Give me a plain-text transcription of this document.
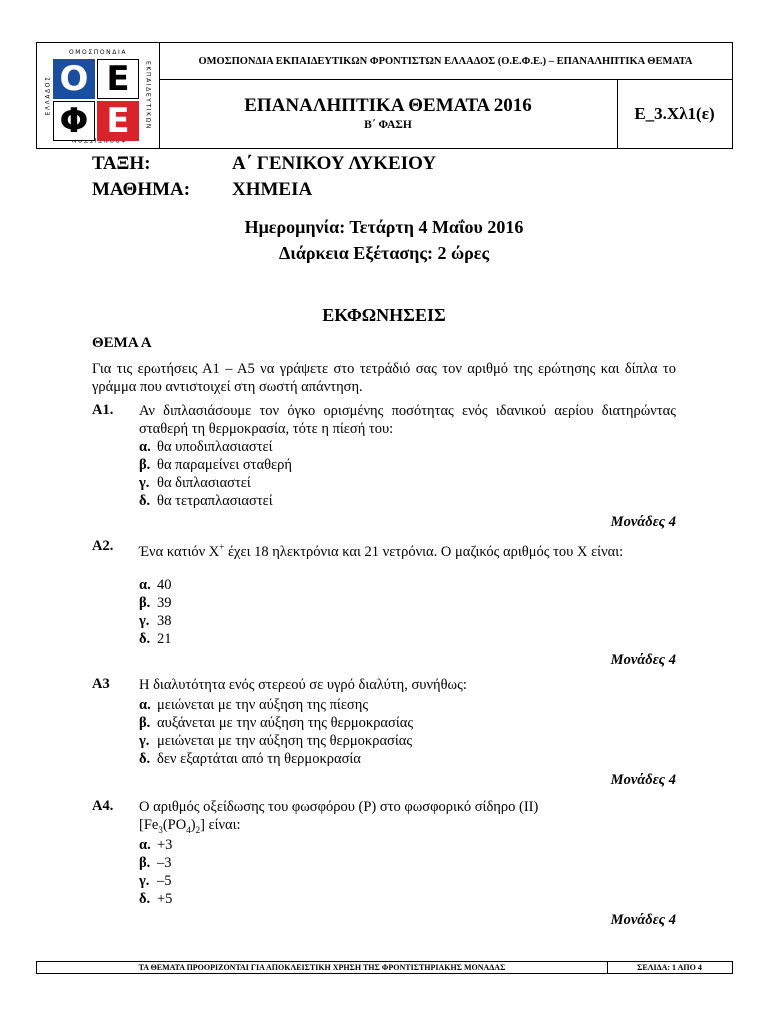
ΟΜΟΣΠΟΝΔΙΑ
ΕΚΠΑΙΔΕΥΤΙΚΩΝ
ΕΛΛΑΔΟΣ Ο Ε
Φ Ε
ΟΜΟΣΠΟΝΔΙΑ ΕΚΠΑΙΔΕΥΤΙΚΩΝ ΦΡΟΝΤΙΣΤΩΝ ΕΛΛΑΔΟΣ (Ο.Ε.Φ.Ε.) – ΕΠΑΝΑΛΗΠΤΙΚΑ ΘΕΜΑΤΑ
ΕΠΑΝΑΛΗΠΤΙΚΑ ΘΕΜΑΤΑ 2016
Β΄ ΦΑΣΗ
Ε_3.Χλ1(ε)
ΤΑΞΗ:	Α΄ ΓΕΝΙΚΟΥ ΛΥΚΕΙΟΥ
ΜΑΘΗΜΑ: ΧΗΜΕΙΑ
Ημερομηνία: Τετάρτη 4 Μαΐου 2016
Διάρκεια Εξέτασης: 2 ώρες
ΕΚΦΩΝΗΣΕΙΣ
ΘΕΜΑ Α
Για τις ερωτήσεις Α1 – Α5 να γράψετε στο τετράδιό σας τον αριθμό της ερώτησης και δίπλα το γράμμα που αντιστοιχεί στη σωστή απάντηση.
Α1. Αν διπλασιάσουμε τον όγκο ορισμένης ποσότητας ενός ιδανικού αερίου διατηρώντας σταθερή τη θερμοκρασία, τότε η πίεσή του:
α. θα υποδιπλασιαστεί
β. θα παραμείνει σταθερή
γ. θα διπλασιαστεί
δ. θα τετραπλασιαστεί
Μονάδες 4
Α2. Ένα κατιόν Χ+ έχει 18 ηλεκτρόνια και 21 νετρόνια. Ο μαζικός αριθμός του Χ είναι:
α. 40
β. 39
γ. 38
δ. 21
Μονάδες 4
Α3 Η διαλυτότητα ενός στερεού σε υγρό διαλύτη, συνήθως:
α. μειώνεται με την αύξηση της πίεσης
β. αυξάνεται με την αύξηση της θερμοκρασίας
γ. μειώνεται με την αύξηση της θερμοκρασίας
δ. δεν εξαρτάται από τη θερμοκρασία
Μονάδες 4
Α4. Ο αριθμός οξείδωσης του φωσφόρου (P) στο φωσφορικό σίδηρο (ΙΙ)
$[Fe_3(PO_4)_2]$ είναι:
α. +3
β. –3
γ. –5
δ. +5
Μονάδες 4
ΤΑ ΘΕΜΑΤΑ ΠΡΟΟΡΙΖΟΝΤΑΙ ΓΙΑ ΑΠΟΚΛΕΙΣΤΙΚΗ ΧΡΗΣΗ ΤΗΣ ΦΡΟΝΤΙΣΤΗΡΙΑΚΗΣ ΜΟΝΑΔΑΣ	ΣΕΛΙΔΑ: 1 ΑΠΟ 4
